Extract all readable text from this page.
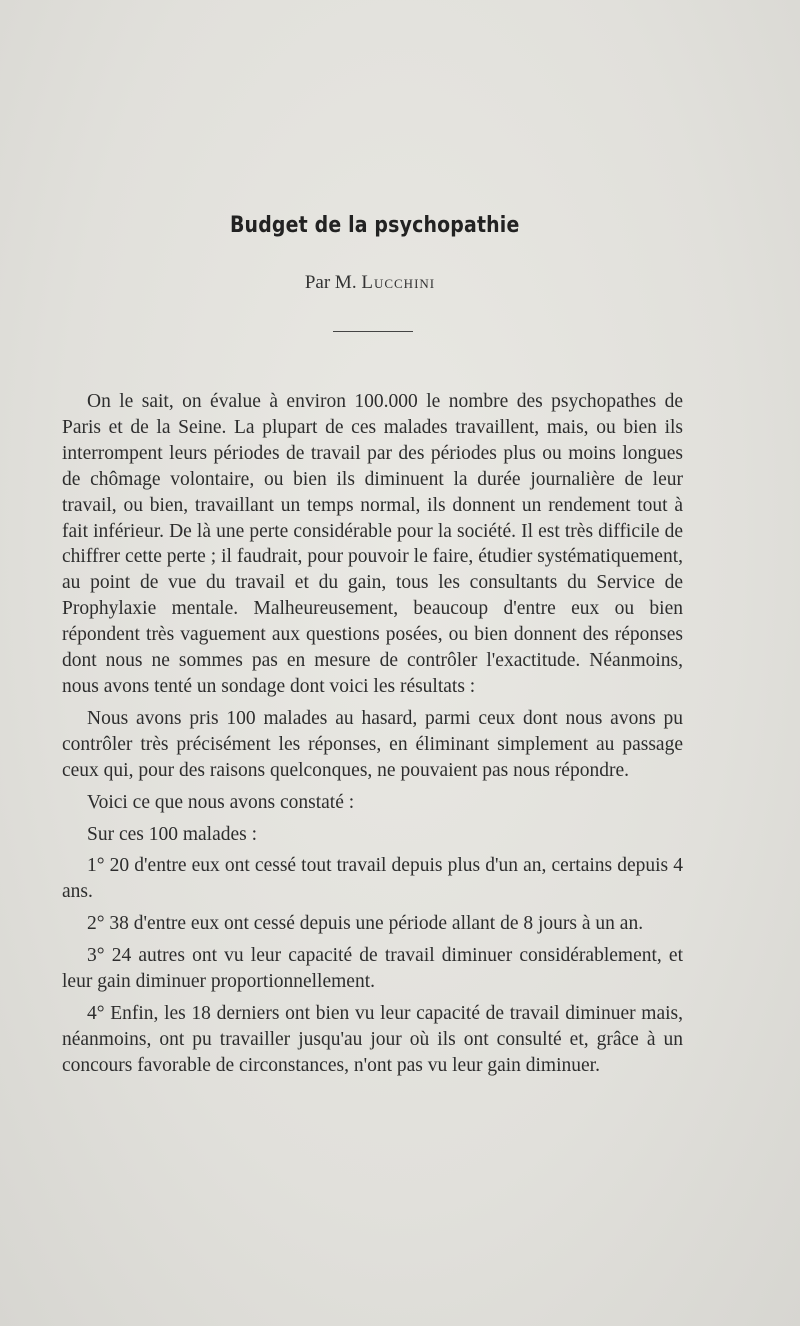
Budget de la psychopathie
Par M. Lucchini

On le sait, on évalue à environ 100.000 le nombre des psychopathes de Paris et de la Seine. La plupart de ces malades travaillent, mais, ou bien ils interrompent leurs périodes de travail par des périodes plus ou moins longues de chômage volontaire, ou bien ils diminuent la durée journalière de leur travail, ou bien, travaillant un temps normal, ils donnent un rendement tout à fait inférieur. De là une perte considérable pour la société. Il est très difficile de chiffrer cette perte ; il faudrait, pour pouvoir le faire, étudier systématiquement, au point de vue du travail et du gain, tous les consultants du Service de Prophylaxie mentale. Malheureusement, beaucoup d'entre eux ou bien répondent très vaguement aux questions posées, ou bien donnent des réponses dont nous ne sommes pas en mesure de contrôler l'exactitude. Néanmoins, nous avons tenté un sondage dont voici les résultats :

Nous avons pris 100 malades au hasard, parmi ceux dont nous avons pu contrôler très précisément les réponses, en éliminant simplement au passage ceux qui, pour des raisons quelconques, ne pouvaient pas nous répondre.

Voici ce que nous avons constaté :

Sur ces 100 malades :

1° 20 d'entre eux ont cessé tout travail depuis plus d'un an, certains depuis 4 ans.

2° 38 d'entre eux ont cessé depuis une période allant de 8 jours à un an.

3° 24 autres ont vu leur capacité de travail diminuer considérablement, et leur gain diminuer proportionnellement.

4° Enfin, les 18 derniers ont bien vu leur capacité de travail diminuer mais, néanmoins, ont pu travailler jusqu'au jour où ils ont consulté et, grâce à un concours favorable de circonstances, n'ont pas vu leur gain diminuer.
